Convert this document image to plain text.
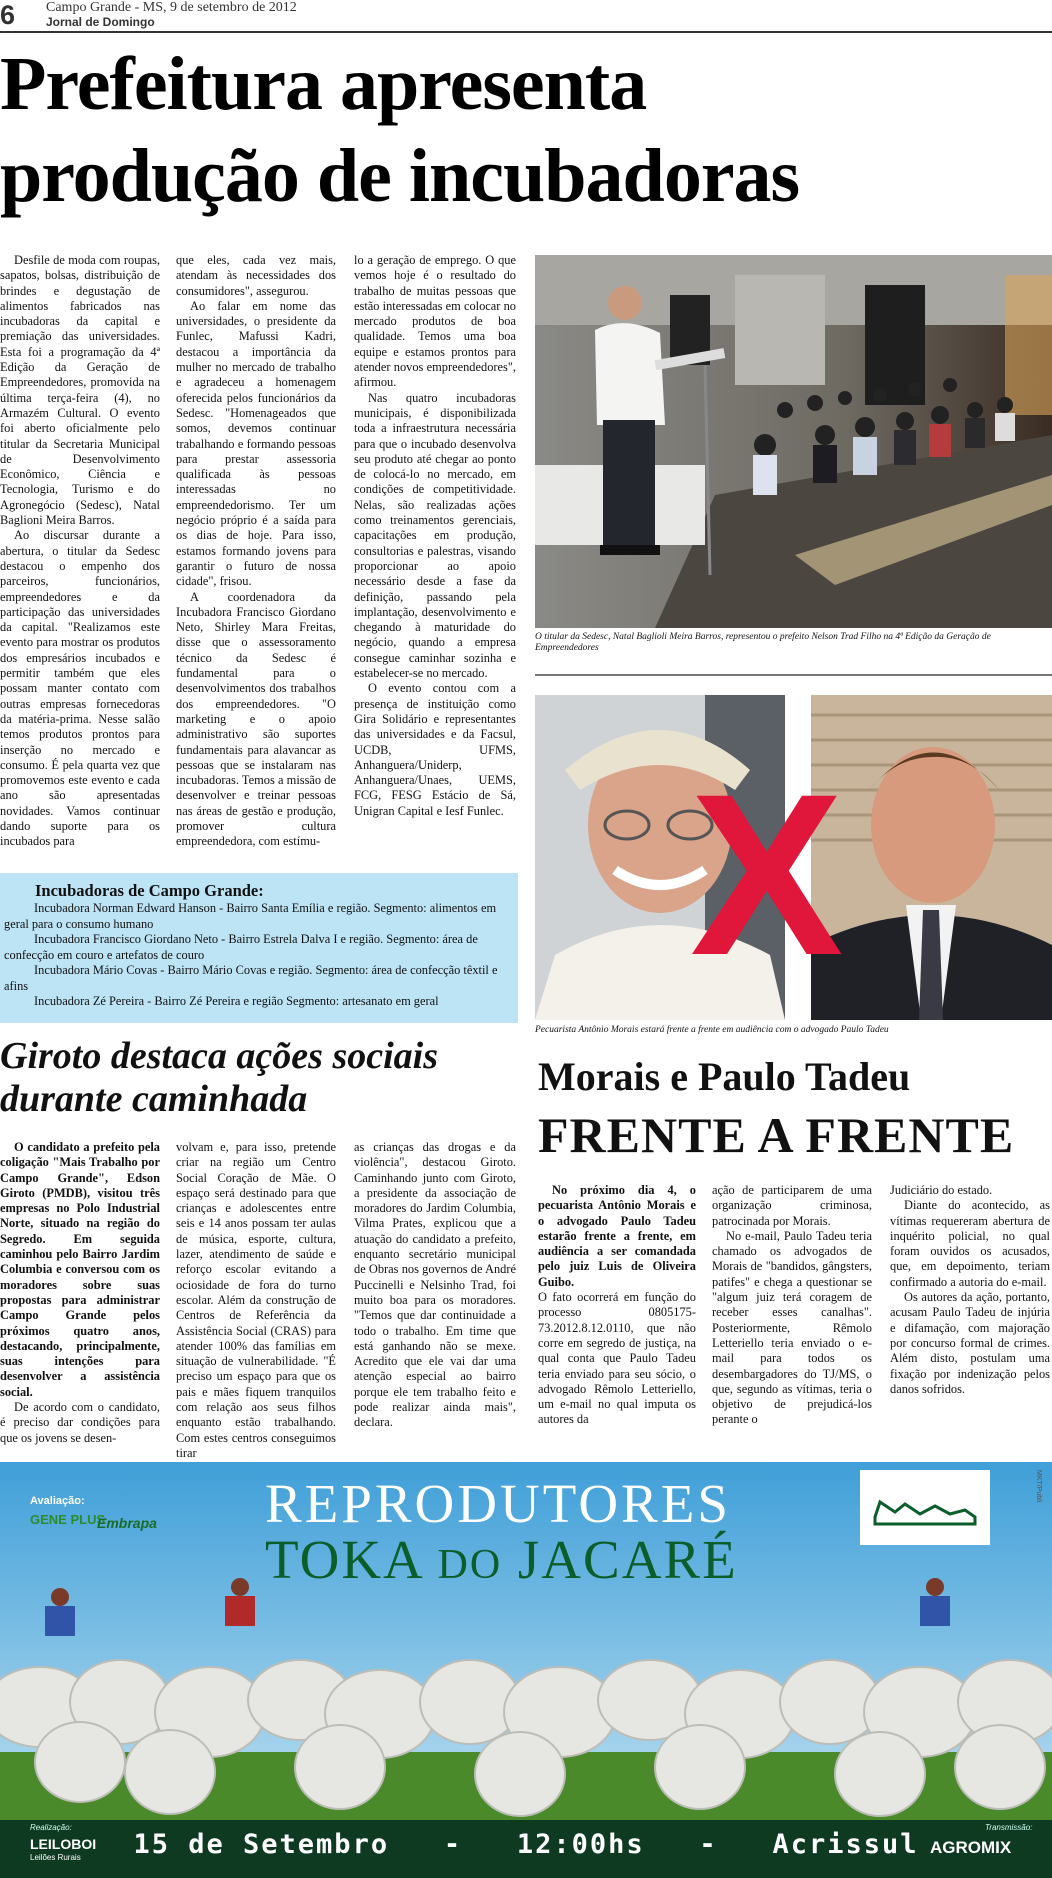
6 Campo Grande - MS, 9 de setembro de 2012
Jornal de Domingo
Prefeitura apresenta
produção de incubadoras

Desfile de moda com roupas, sapatos, bolsas, distribuição de brindes e degustação de alimentos fabricados nas incubadoras da capital e premiação das universidades. Esta foi a programação da 4ª Edição da Geração de Empreendedores, promovida na última terça-feira (4), no Armazém Cultural. O evento foi aberto oficialmente pelo titular da Secretaria Municipal de Desenvolvimento Econômico, Ciência e Tecnologia, Turismo e do Agronegócio (Sedesc), Natal Baglioni Meira Barros.

Ao discursar durante a abertura, o titular da Sedesc destacou o empenho dos parceiros, funcionários, empreendedores e da participação das universidades da capital. "Realizamos este evento para mostrar os produtos dos empresários incubados e permitir também que eles possam manter contato com outras empresas fornecedoras da matéria-prima. Nesse salão temos produtos prontos para inserção no mercado e consumo. É pela quarta vez que promovemos este evento e cada ano são apresentadas novidades. Vamos continuar dando suporte para os incubados para

que eles, cada vez mais, atendam às necessidades dos consumidores", assegurou.

Ao falar em nome das universidades, o presidente da Funlec, Mafussi Kadri, destacou a importância da mulher no mercado de trabalho e agradeceu a homenagem oferecida pelos funcionários da Sedesc. "Homenageados que somos, devemos continuar trabalhando e formando pessoas para prestar assessoria qualificada às pessoas interessadas no empreendedorismo. Ter um negócio próprio é a saída para os dias de hoje. Para isso, estamos formando jovens para garantir o futuro de nossa cidade", frisou.

A coordenadora da Incubadora Francisco Giordano Neto, Shirley Mara Freitas, disse que o assessoramento técnico da Sedesc é fundamental para o desenvolvimentos dos trabalhos dos empreendedores. "O marketing e o apoio administrativo são suportes fundamentais para alavancar as pessoas que se instalaram nas incubadoras. Temos a missão de desenvolver e treinar pessoas nas áreas de gestão e produção, promover cultura empreendedora, com estímu-

lo a geração de emprego. O que vemos hoje é o resultado do trabalho de muitas pessoas que estão interessadas em colocar no mercado produtos de boa qualidade. Temos uma boa equipe e estamos prontos para atender novos empreendedores", afirmou.

Nas quatro incubadoras municipais, é disponibilizada toda a infraestrutura necessária para que o incubado desenvolva seu produto até chegar ao ponto de colocá-lo no mercado, em condições de competitividade. Nelas, são realizadas ações como treinamentos gerenciais, capacitações em produção, consultorias e palestras, visando proporcionar ao apoio necessário desde a fase da definição, passando pela implantação, desenvolvimento e chegando à maturidade do negócio, quando a empresa consegue caminhar sozinha e estabelecer-se no mercado.

O evento contou com a presença de instituição como Gira Solidário e representantes das universidades e da Facsul, UCDB, UFMS, Anhanguera/Uniderp, Anhanguera/Unaes, UEMS, FCG, FESG Estácio de Sá, Unigran Capital e Iesf Funlec.

O titular da Sedesc, Natal Baglioli Meira Barros, representou o prefeito Nelson Trad Filho na 4ª Edição da Geração de Empreendedores
X
Pecuarista Antônio Morais estará frente a frente em audiência com o advogado Paulo Tadeu
Incubadoras de Campo Grande:
Incubadora Norman Edward Hanson - Bairro Santa Emília e região. Segmento: alimentos em geral para o consumo humano
Incubadora Francisco Giordano Neto - Bairro Estrela Dalva I e região. Segmento: área de confecção em couro e artefatos de couro
Incubadora Mário Covas - Bairro Mário Covas e região. Segmento: área de confecção têxtil e afins
Incubadora Zé Pereira - Bairro Zé Pereira e região Segmento: artesanato em geral
Giroto destaca ações sociais durante caminhada

O candidato a prefeito pela coligação "Mais Trabalho por Campo Grande", Edson Giroto (PMDB), visitou três empresas no Polo Industrial Norte, situado na região do Segredo. Em seguida caminhou pelo Bairro Jardim Columbia e conversou com os moradores sobre suas propostas para administrar Campo Grande pelos próximos quatro anos, destacando, principalmente, suas intenções para desenvolver a assistência social.

De acordo com o candidato, é preciso dar condições para que os jovens se desen-

volvam e, para isso, pretende criar na região um Centro Social Coração de Mãe. O espaço será destinado para que crianças e adolescentes entre seis e 14 anos possam ter aulas de música, esporte, cultura, lazer, atendimento de saúde e reforço escolar evitando a ociosidade de fora do turno escolar. Além da construção de Centros de Referência da Assistência Social (CRAS) para atender 100% das famílias em situação de vulnerabilidade. "É preciso um espaço para que os pais e mães fiquem tranquilos com relação aos seus filhos enquanto estão trabalhando. Com estes centros conseguimos tirar

as crianças das drogas e da violência", destacou Giroto. Caminhando junto com Giroto, a presidente da associação de moradores do Jardim Columbia, Vilma Prates, explicou que a atuação do candidato a prefeito, enquanto secretário municipal de Obras nos governos de André Puccinelli e Nelsinho Trad, foi muito boa para os moradores. "Temos que dar continuidade a todo o trabalho. Em time que está ganhando não se mexe. Acredito que ele vai dar uma atenção especial ao bairro porque ele tem trabalho feito e pode realizar ainda mais", declara.

Morais e Paulo Tadeu
FRENTE A FRENTE

No próximo dia 4, o pecuarista Antônio Morais e o advogado Paulo Tadeu estarão frente a frente, em audiência a ser comandada pelo juiz Luis de Oliveira Guibo.

O fato ocorrerá em função do processo 0805175-73.2012.8.12.0110, que não corre em segredo de justiça, na qual conta que Paulo Tadeu teria enviado para seu sócio, o advogado Rêmolo Letteriello, um e-mail no qual imputa os autores da

ação de participarem de uma organização criminosa, patrocinada por Morais.

No e-mail, Paulo Tadeu teria chamado os advogados de Morais de "bandidos, gângsters, patifes" e chega a questionar se "algum juiz terá coragem de receber esses canalhas". Posteriormente, Rêmolo Letteriello teria enviado o e-mail para todos os desembargadores do TJ/MS, o que, segundo as vítimas, teria o objetivo de prejudicá-los perante o

Judiciário do estado.

Diante do acontecido, as vítimas requereram abertura de inquérito policial, no qual foram ouvidos os acusados, que, em depoimento, teriam confirmado a autoria do e-mail.

Os autores da ação, portanto, acusam Paulo Tadeu de injúria e difamação, com majoração por concurso formal de crimes. Além disto, postulam uma fixação por indenização pelos danos sofridos.

Avaliação:
GENE PLUS
Embrapa REPRODUTORES
TOKA DO JACARÉ
MKT/Publi
15 de Setembro   -   12:00hs   -   Acrissul
Realização:
LEILOBOI
Leilões Rurais
Transmissão:
AGROMIX
